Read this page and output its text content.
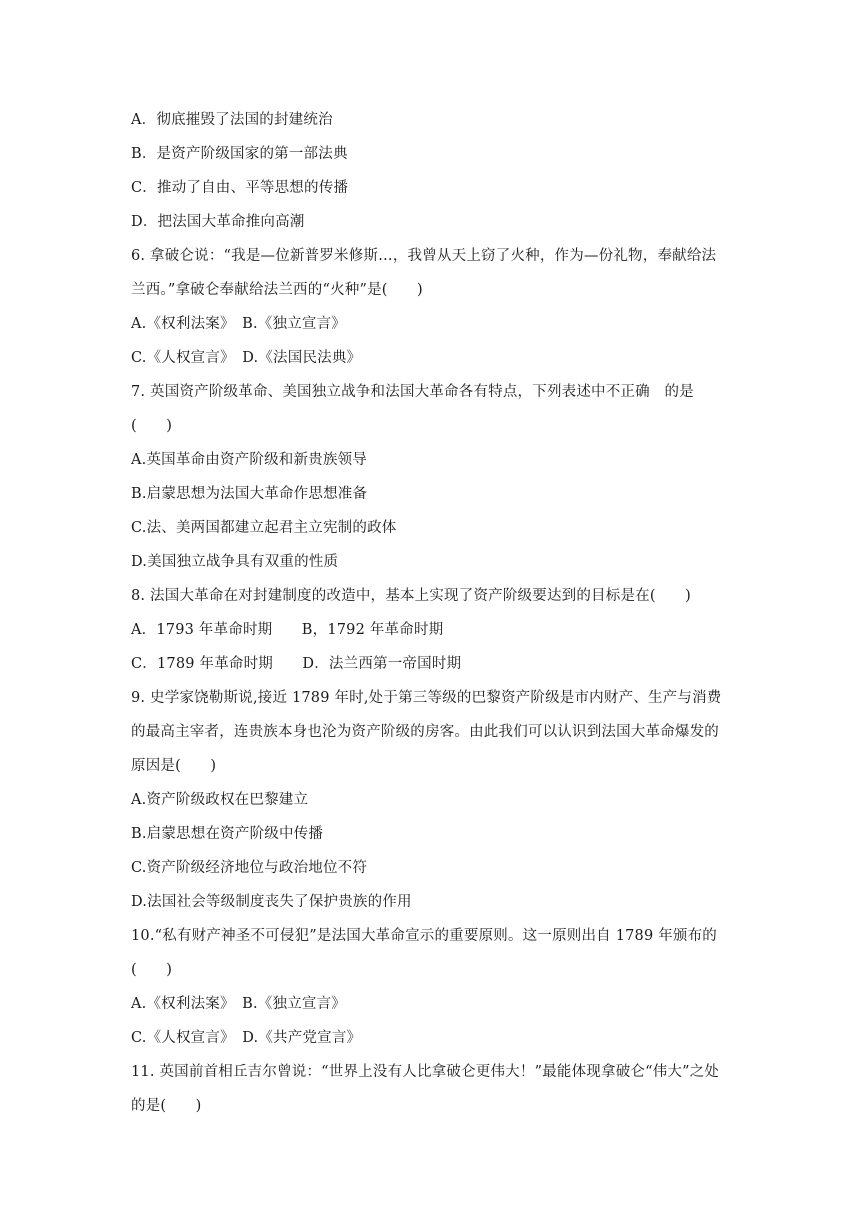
A．彻底摧毁了法国的封建统治
B．是资产阶级国家的第一部法典
C．推动了自由、平等思想的传播
D．把法国大革命推向高潮
6. 拿破仑说：“我是—位新普罗米修斯…，我曾从天上窃了火种，作为—份礼物，奉献给法
兰西。”拿破仑奉献给法兰西的“火种”是(　　)
A.《权利法案》　B.《独立宣言》
C.《人权宣言》　D.《法国民法典》
7. 英国资产阶级革命、美国独立战争和法国大革命各有特点，下列表述中不正确　的是
(　　)
A.英国革命由资产阶级和新贵族领导
B.启蒙思想为法国大革命作思想准备
C.法、美两国都建立起君主立宪制的政体
D.美国独立战争具有双重的性质
8. 法国大革命在对封建制度的改造中，基本上实现了资产阶级要达到的目标是在(　　)
A．1793 年革命时期　　B，1792 年革命时期
C．1789 年革命时期　　D．法兰西第一帝国时期
9. 史学家饶勒斯说,接近 1789 年时,处于第三等级的巴黎资产阶级是市内财产、生产与消费
的最高主宰者，连贵族本身也沦为资产阶级的房客。由此我们可以认识到法国大革命爆发的
原因是(　　)
A.资产阶级政权在巴黎建立
B.启蒙思想在资产阶级中传播
C.资产阶级经济地位与政治地位不符
D.法国社会等级制度丧失了保护贵族的作用
10.“私有财产神圣不可侵犯”是法国大革命宣示的重要原则。这一原则出自 1789 年颁布的
(　　)
A.《权利法案》　B.《独立宣言》
C.《人权宣言》　D.《共产党宣言》
11. 英国前首相丘吉尔曾说：“世界上没有人比拿破仑更伟大！”最能体现拿破仑“伟大”之处
的是(　　)
